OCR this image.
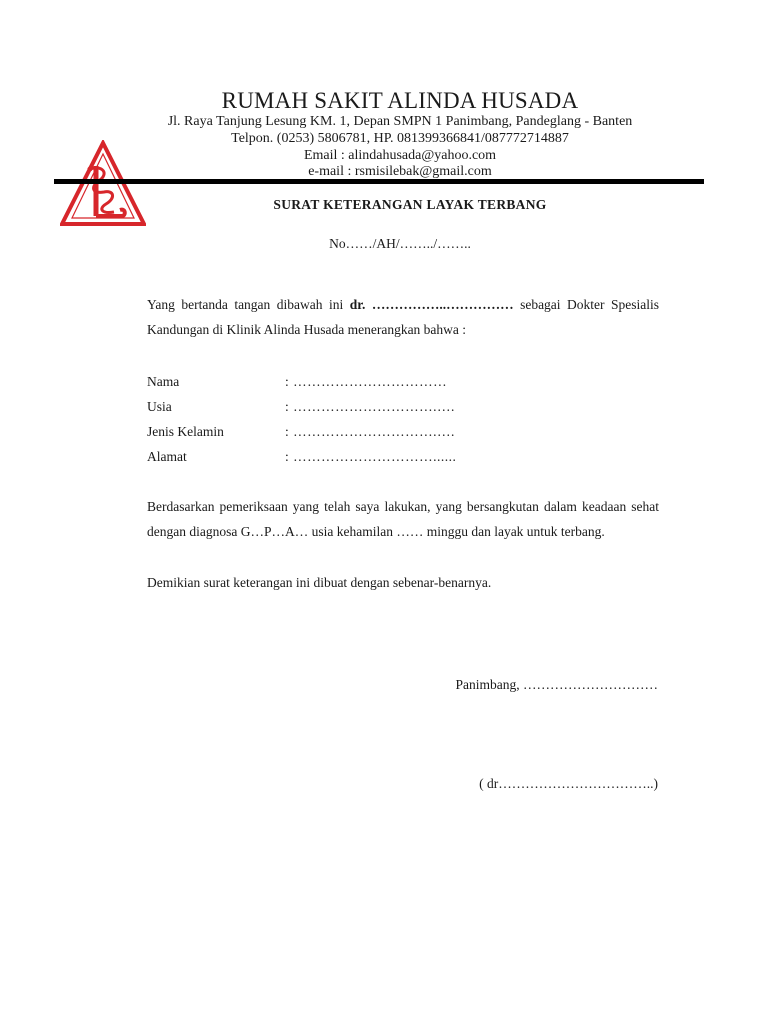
RUMAH SAKIT ALINDA HUSADA
Jl. Raya Tanjung Lesung KM. 1, Depan SMPN 1 Panimbang, Pandeglang - Banten
Telpon. (0253) 5806781, HP. 081399366841/087772714887
Email : alindahusada@yahoo.com
e-mail : rsmisilebak@gmail.com
SURAT KETERANGAN LAYAK TERBANG
No……/AH/……../……..
Yang bertanda tangan dibawah ini dr. ……………..…………… sebagai Dokter Spesialis Kandungan di Klinik Alinda Husada menerangkan bahwa :
Nama	: ……………………………
Usia	: ………………………….….
Jenis Kelamin	: ………………………….….
Alamat	: …………………………......
Berdasarkan pemeriksaan yang telah saya lakukan, yang bersangkutan dalam keadaan sehat dengan diagnosa G…P…A… usia kehamilan …… minggu dan layak untuk terbang.
Demikian surat keterangan ini dibuat dengan sebenar-benarnya.
Panimbang, …………………………
( dr……………………………..)
